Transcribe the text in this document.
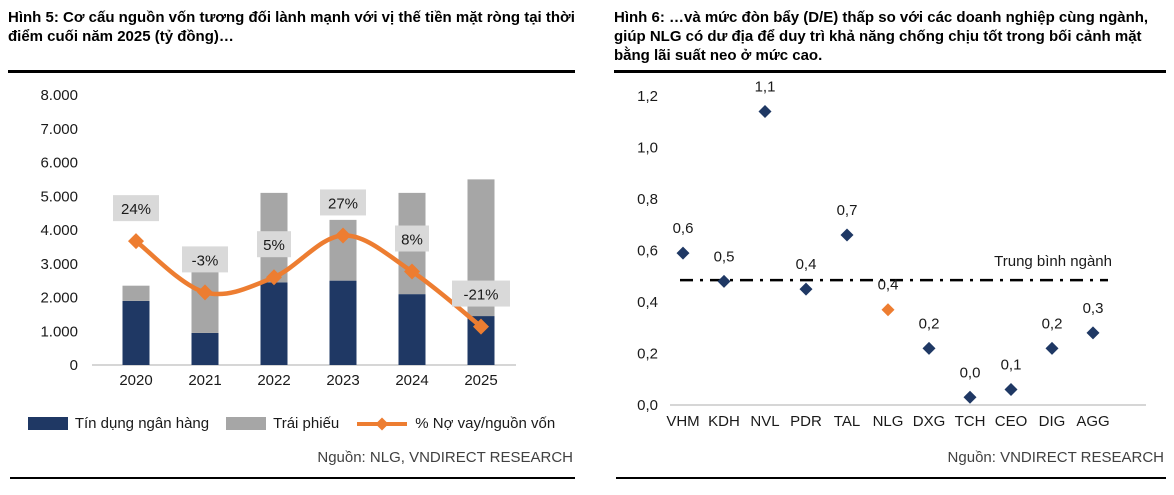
Hình 5: Cơ cấu nguồn vốn tương đối lành mạnh với vị thế tiền mặt ròng tại thời điểm cuối năm 2025 (tỷ đồng)…
0
1.000
2.000
3.000
4.000
5.000
6.000
7.000
8.000
2020 2021 2022 2023 2024 2025
24%
-3%
5%
27%
8%
-21%
Tín dụng ngân hàng	Trái phiếu	% Nợ vay/nguồn vốn
Nguồn: NLG, VNDIRECT RESEARCH
Hình 6: …và mức đòn bẩy (D/E) thấp so với các doanh nghiệp cùng ngành, giúp NLG có dư địa để duy trì khả năng chống chịu tốt trong bối cảnh mặt bằng lãi suất neo ở mức cao.
0,0
0,2
0,4
0,6
0,8
1,0
1,2
Trung bình ngành
0,6
0,5
1,1
0,4
0,7
0,4
0,2
0,0 0,1
0,2
0,3
VHM KDH NVL PDR TAL NLG DXG TCH CEO DIG AGG
Nguồn: VNDIRECT RESEARCH
